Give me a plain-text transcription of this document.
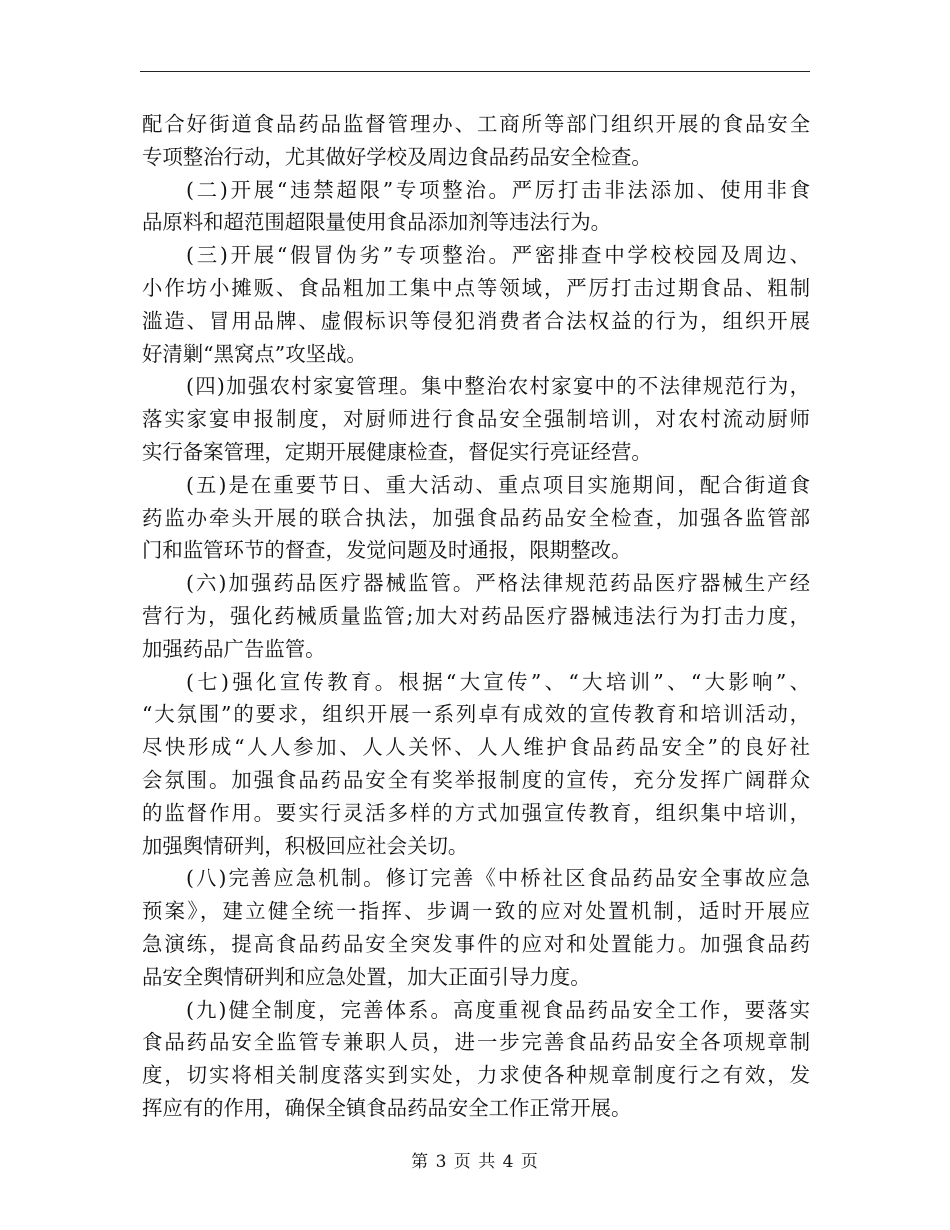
配合好街道食品药品监督管理办、工商所等部门组织开展的食品安全
专项整治行动，尤其做好学校及周边食品药品安全检查。
(二)开展“违禁超限”专项整治。严厉打击非法添加、使用非食
品原料和超范围超限量使用食品添加剂等违法行为。
(三)开展“假冒伪劣”专项整治。严密排查中学校校园及周边、
小作坊小摊贩、食品粗加工集中点等领域，严厉打击过期食品、粗制
滥造、冒用品牌、虚假标识等侵犯消费者合法权益的行为，组织开展
好清剿“黑窝点”攻坚战。
(四)加强农村家宴管理。集中整治农村家宴中的不法律规范行为，
落实家宴申报制度，对厨师进行食品安全强制培训，对农村流动厨师
实行备案管理，定期开展健康检查，督促实行亮证经营。
(五)是在重要节日、重大活动、重点项目实施期间，配合街道食
药监办牵头开展的联合执法，加强食品药品安全检查，加强各监管部
门和监管环节的督查，发觉问题及时通报，限期整改。
(六)加强药品医疗器械监管。严格法律规范药品医疗器械生产经
营行为，强化药械质量监管;加大对药品医疗器械违法行为打击力度，
加强药品广告监管。
(七)强化宣传教育。根据“大宣传”、“大培训”、“大影响”、
“大氛围”的要求，组织开展一系列卓有成效的宣传教育和培训活动，
尽快形成“人人参加、人人关怀、人人维护食品药品安全”的良好社
会氛围。加强食品药品安全有奖举报制度的宣传，充分发挥广阔群众
的监督作用。要实行灵活多样的方式加强宣传教育，组织集中培训，
加强舆情研判，积极回应社会关切。
(八)完善应急机制。修订完善《中桥社区食品药品安全事故应急
预案》，建立健全统一指挥、步调一致的应对处置机制，适时开展应
急演练，提高食品药品安全突发事件的应对和处置能力。加强食品药
品安全舆情研判和应急处置，加大正面引导力度。
(九)健全制度，完善体系。高度重视食品药品安全工作，要落实
食品药品安全监管专兼职人员，进一步完善食品药品安全各项规章制
度，切实将相关制度落实到实处，力求使各种规章制度行之有效，发
挥应有的作用，确保全镇食品药品安全工作正常开展。
第 3 页 共 4 页
